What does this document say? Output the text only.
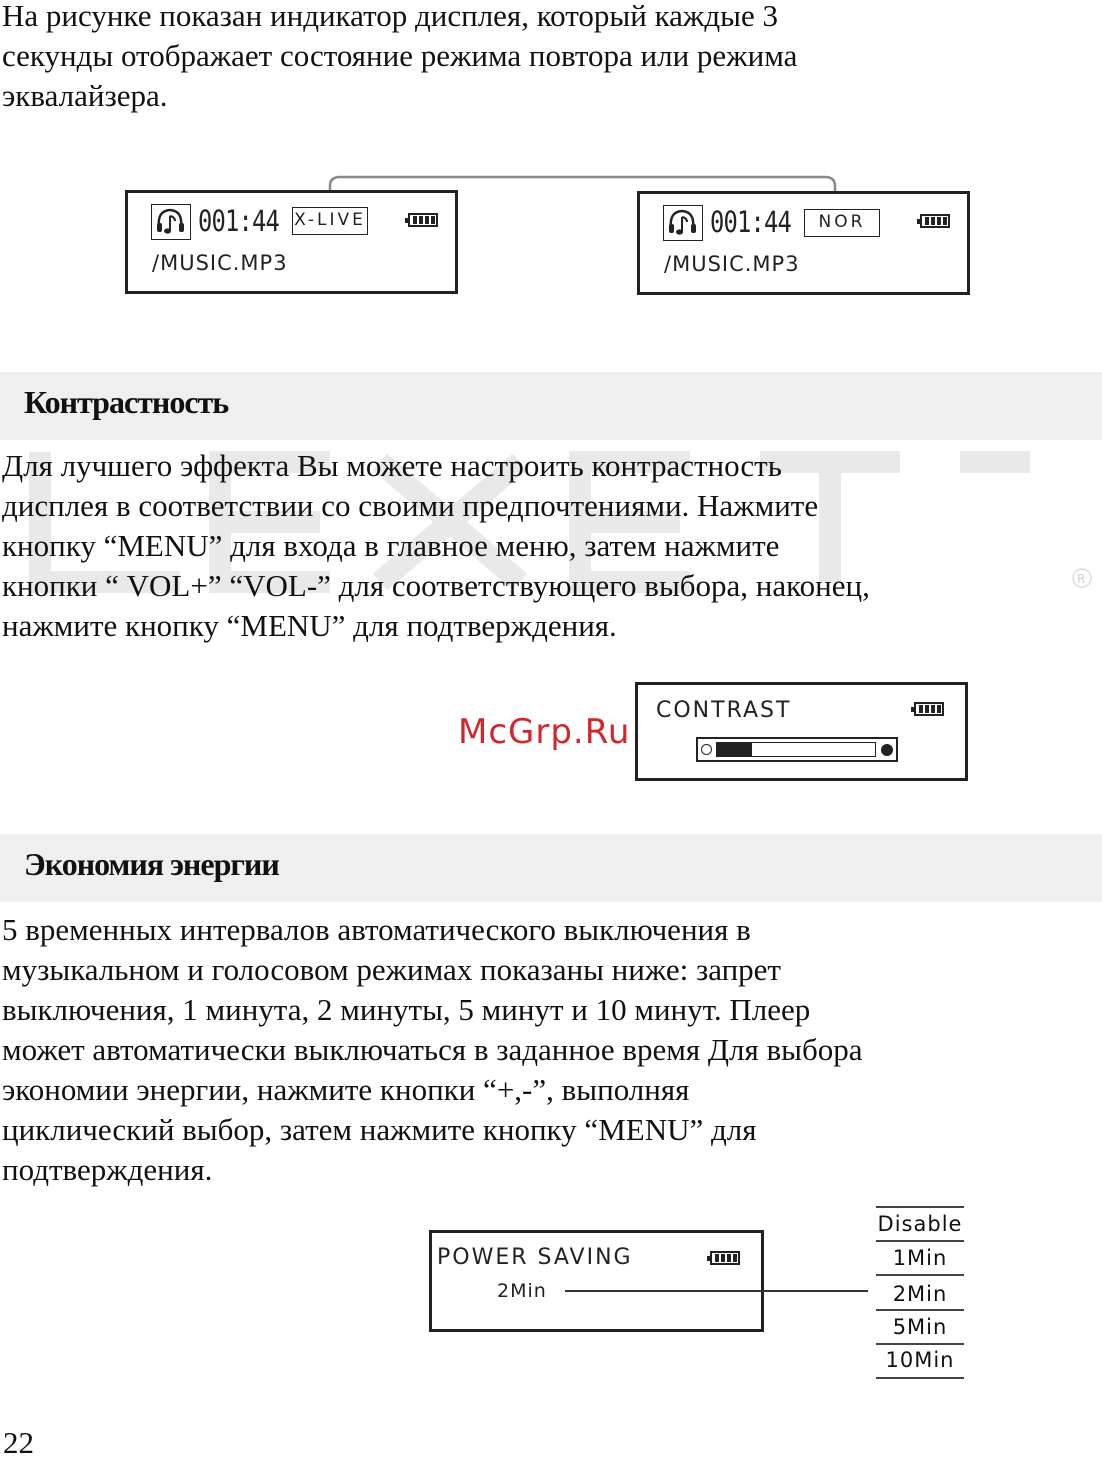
R
На рисунке показан индикатор дисплея, который каждые 3
секунды отображает состояние режима повтора или режима
эквалайзера.
001:44 X-LIVE
/MUSIC.MP3
001:44	NOR
/MUSIC.MP3
Контрастность
Для лучшего эффекта Вы можете настроить контрастность
дисплея в соответствии со своими предпочтениями. Нажмите
кнопку “MENU” для входа в главное меню, затем нажмите
кнопки “ VOL+” “VOL-” для соответствующего выбора, наконец,
нажмите кнопку “MENU” для подтверждения.
CONTRAST
McGrp.Ru
Экономия энергии
5 временных интервалов автоматического выключения в
музыкальном и голосовом режимах показаны ниже: запрет
выключения, 1 минута, 2 минуты, 5 минут и 10 минут. Плеер
может автоматически выключаться в заданное время Для выбора
экономии энергии, нажмите кнопки “+,-”, выполняя
циклический выбор, затем нажмите кнопку “MENU” для
подтверждения.
POWER SAVING
2Min
Disable
1Min
2Min
5Min
10Min
22
